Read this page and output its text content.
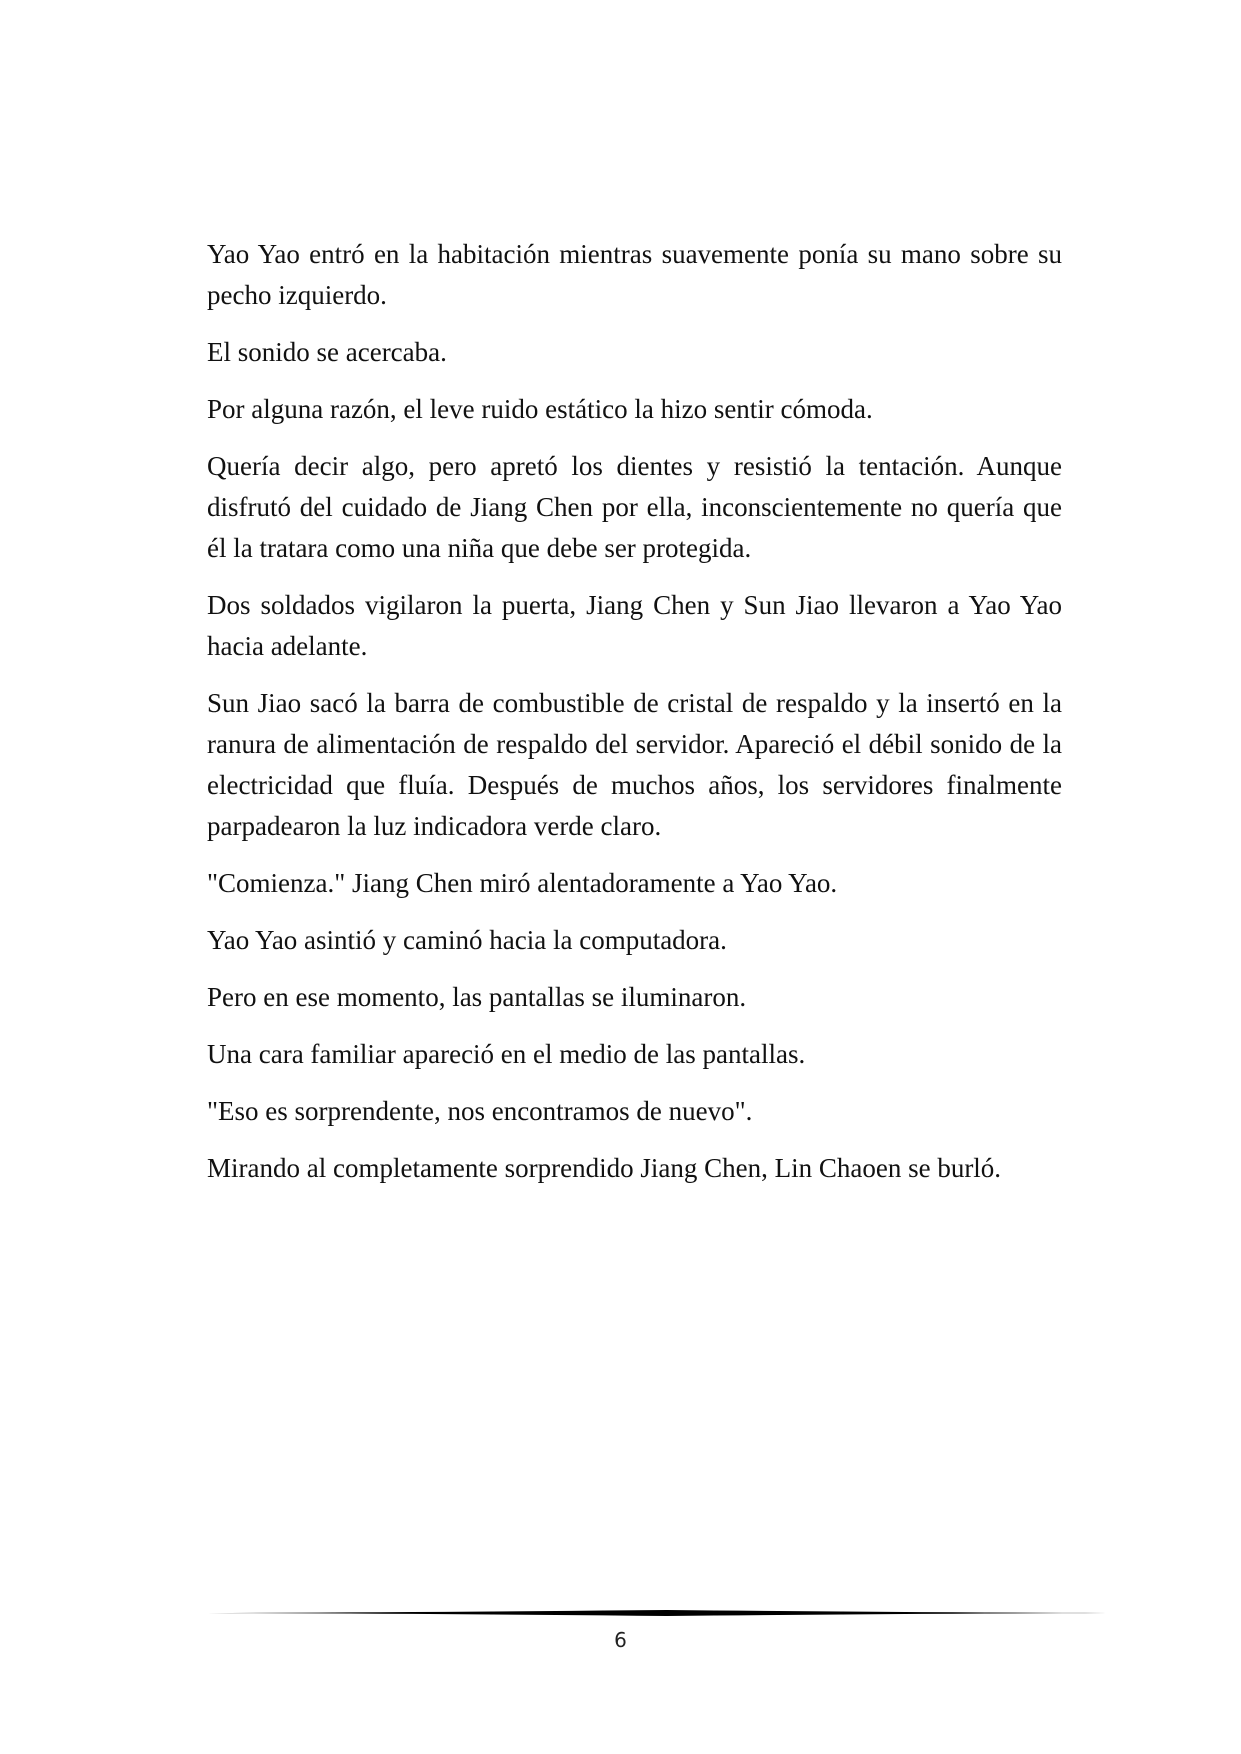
Yao Yao entró en la habitación mientras suavemente ponía su mano sobre su pecho izquierdo.

El sonido se acercaba.

Por alguna razón, el leve ruido estático la hizo sentir cómoda.

Quería decir algo, pero apretó los dientes y resistió la tentación. Aunque disfrutó del cuidado de Jiang Chen por ella, inconscientemente no quería que él la tratara como una niña que debe ser protegida.

Dos soldados vigilaron la puerta, Jiang Chen y Sun Jiao llevaron a Yao Yao hacia adelante.

Sun Jiao sacó la barra de combustible de cristal de respaldo y la insertó en la ranura de alimentación de respaldo del servidor. Apareció el débil sonido de la electricidad que fluía. Después de muchos años, los servidores finalmente parpadearon la luz indicadora verde claro.

"Comienza." Jiang Chen miró alentadoramente a Yao Yao.

Yao Yao asintió y caminó hacia la computadora.

Pero en ese momento, las pantallas se iluminaron.

Una cara familiar apareció en el medio de las pantallas.

"Eso es sorprendente, nos encontramos de nuevo".

Mirando al completamente sorprendido Jiang Chen, Lin Chaoen se burló.

6
